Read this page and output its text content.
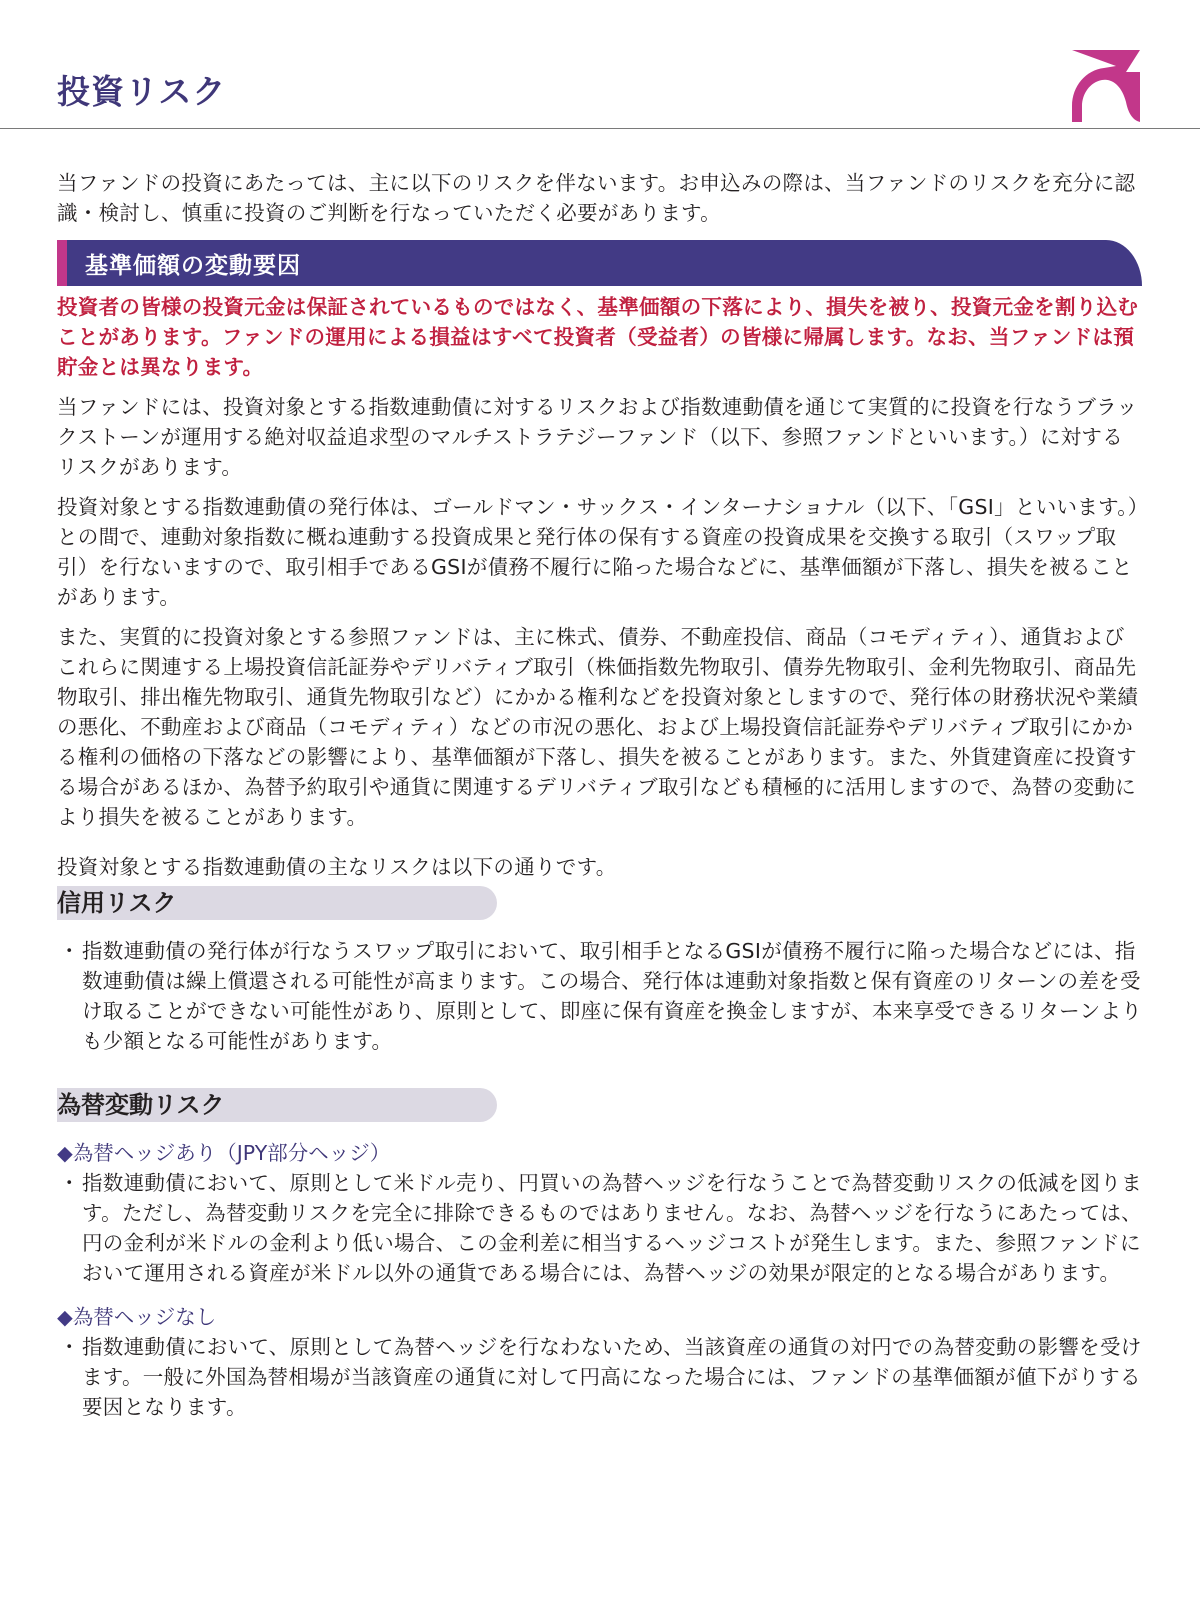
投資リスク

当ファンドの投資にあたっては、主に以下のリスクを伴ないます。お申込みの際は、当ファンドのリスクを充分に認識・検討し、慎重に投資のご判断を行なっていただく必要があります。

基準価額の変動要因

投資者の皆様の投資元金は保証されているものではなく、基準価額の下落により、損失を被り、投資元金を割り込むことがあります。ファンドの運用による損益はすべて投資者（受益者）の皆様に帰属します。なお、当ファンドは預貯金とは異なります。

当ファンドには、投資対象とする指数連動債に対するリスクおよび指数連動債を通じて実質的に投資を行なうブラックストーンが運用する絶対収益追求型のマルチストラテジーファンド（以下、参照ファンドといいます。）に対するリスクがあります。

投資対象とする指数連動債の発行体は、ゴールドマン・サックス・インターナショナル（以下、「GSI」といいます。）との間で、連動対象指数に概ね連動する投資成果と発行体の保有する資産の投資成果を交換する取引（スワップ取引）を行ないますので、取引相手であるGSIが債務不履行に陥った場合などに、基準価額が下落し、損失を被ることがあります。

また、実質的に投資対象とする参照ファンドは、主に株式、債券、不動産投信、商品（コモディティ）、通貨およびこれらに関連する上場投資信託証券やデリバティブ取引（株価指数先物取引、債券先物取引、金利先物取引、商品先物取引、排出権先物取引、通貨先物取引など）にかかる権利などを投資対象としますので、発行体の財務状況や業績の悪化、不動産および商品（コモディティ）などの市況の悪化、および上場投資信託証券やデリバティブ取引にかかる権利の価格の下落などの影響により、基準価額が下落し、損失を被ることがあります。また、外貨建資産に投資する場合があるほか、為替予約取引や通貨に関連するデリバティブ取引なども積極的に活用しますので、為替の変動により損失を被ることがあります。

投資対象とする指数連動債の主なリスクは以下の通りです。

信用リスク
・ 指数連動債の発行体が行なうスワップ取引において、取引相手となるGSIが債務不履行に陥った場合などには、指数連動債は繰上償還される可能性が高まります。この場合、発行体は連動対象指数と保有資産のリターンの差を受け取ることができない可能性があり、原則として、即座に保有資産を換金しますが、本来享受できるリターンよりも少額となる可能性があります。
為替変動リスク
◆為替ヘッジあり（JPY部分ヘッジ）
・ 指数連動債において、原則として米ドル売り、円買いの為替ヘッジを行なうことで為替変動リスクの低減を図ります。ただし、為替変動リスクを完全に排除できるものではありません。なお、為替ヘッジを行なうにあたっては、円の金利が米ドルの金利より低い場合、この金利差に相当するヘッジコストが発生します。また、参照ファンドにおいて運用される資産が米ドル以外の通貨である場合には、為替ヘッジの効果が限定的となる場合があります。
◆為替ヘッジなし
・ 指数連動債において、原則として為替ヘッジを行なわないため、当該資産の通貨の対円での為替変動の影響を受けます。一般に外国為替相場が当該資産の通貨に対して円高になった場合には、ファンドの基準価額が値下がりする要因となります。
